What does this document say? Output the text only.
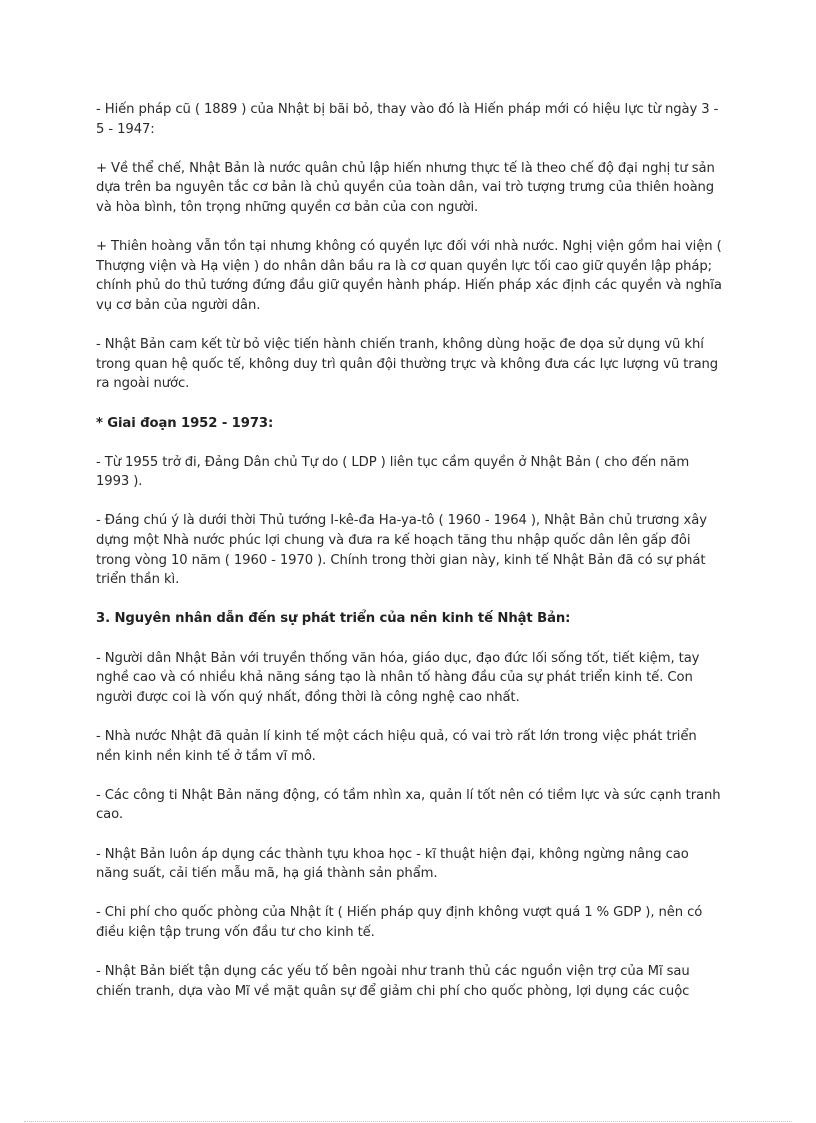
- Hiến pháp cũ ( 1889 ) của Nhật bị bãi bỏ, thay vào đó là Hiến pháp mới có hiệu lực từ ngày 3 - 5 - 1947:

+ Về thể chế, Nhật Bản là nước quân chủ lập hiến nhưng thực tế là theo chế độ đại nghị tư sản dựa trên ba nguyên tắc cơ bản là chủ quyền của toàn dân, vai trò tượng trưng của thiên hoàng và hòa bình, tôn trọng những quyền cơ bản của con người.

+ Thiên hoàng vẫn tồn tại nhưng không có quyền lực đối với nhà nước. Nghị viện gồm hai viện ( Thượng viện và Hạ viện ) do nhân dân bầu ra là cơ quan quyền lực tối cao giữ quyền lập pháp; chính phủ do thủ tướng đứng đầu giữ quyền hành pháp. Hiến pháp xác định các quyền và nghĩa vụ cơ bản của người dân.

- Nhật Bản cam kết từ bỏ việc tiến hành chiến tranh, không dùng hoặc đe dọa sử dụng vũ khí trong quan hệ quốc tế, không duy trì quân đội thường trực và không đưa các lực lượng vũ trang ra ngoài nước.

* Giai đoạn 1952 - 1973:

- Từ 1955 trở đi, Đảng Dân chủ Tự do ( LDP ) liên tục cầm quyền ở Nhật Bản ( cho đến năm 1993 ).

- Đáng chú ý là dưới thời Thủ tướng I-kê-đa Ha-ya-tô ( 1960 - 1964 ), Nhật Bản chủ trương xây dựng một Nhà nước phúc lợi chung và đưa ra kế hoạch tăng thu nhập quốc dân lên gấp đôi trong vòng 10 năm ( 1960 - 1970 ). Chính trong thời gian này, kinh tế Nhật Bản đã có sự phát triển thần kì.

3. Nguyên nhân dẫn đến sự phát triển của nền kinh tế Nhật Bản:

- Người dân Nhật Bản với truyền thống văn hóa, giáo dục, đạo đức lối sống tốt, tiết kiệm, tay nghề cao và có nhiều khả năng sáng tạo là nhân tố hàng đầu của sự phát triển kinh tế. Con người được coi là vốn quý nhất, đồng thời là công nghệ cao nhất.

- Nhà nước Nhật đã quản lí kinh tế một cách hiệu quả, có vai trò rất lớn trong việc phát triển nền kinh nền kinh tế ở tầm vĩ mô.

- Các công ti Nhật Bản năng động, có tầm nhìn xa, quản lí tốt nên có tiềm lực và sức cạnh tranh cao.

- Nhật Bản luôn áp dụng các thành tựu khoa học - kĩ thuật hiện đại, không ngừng nâng cao năng suất, cải tiến mẫu mã, hạ giá thành sản phẩm.

- Chi phí cho quốc phòng của Nhật ít ( Hiến pháp quy định không vượt quá 1 % GDP ), nên có điều kiện tập trung vốn đầu tư cho kinh tế.

- Nhật Bản biết tận dụng các yếu tố bên ngoài như tranh thủ các nguồn viện trợ của Mĩ sau chiến tranh, dựa vào Mĩ về mặt quân sự để giảm chi phí cho quốc phòng, lợi dụng các cuộc
